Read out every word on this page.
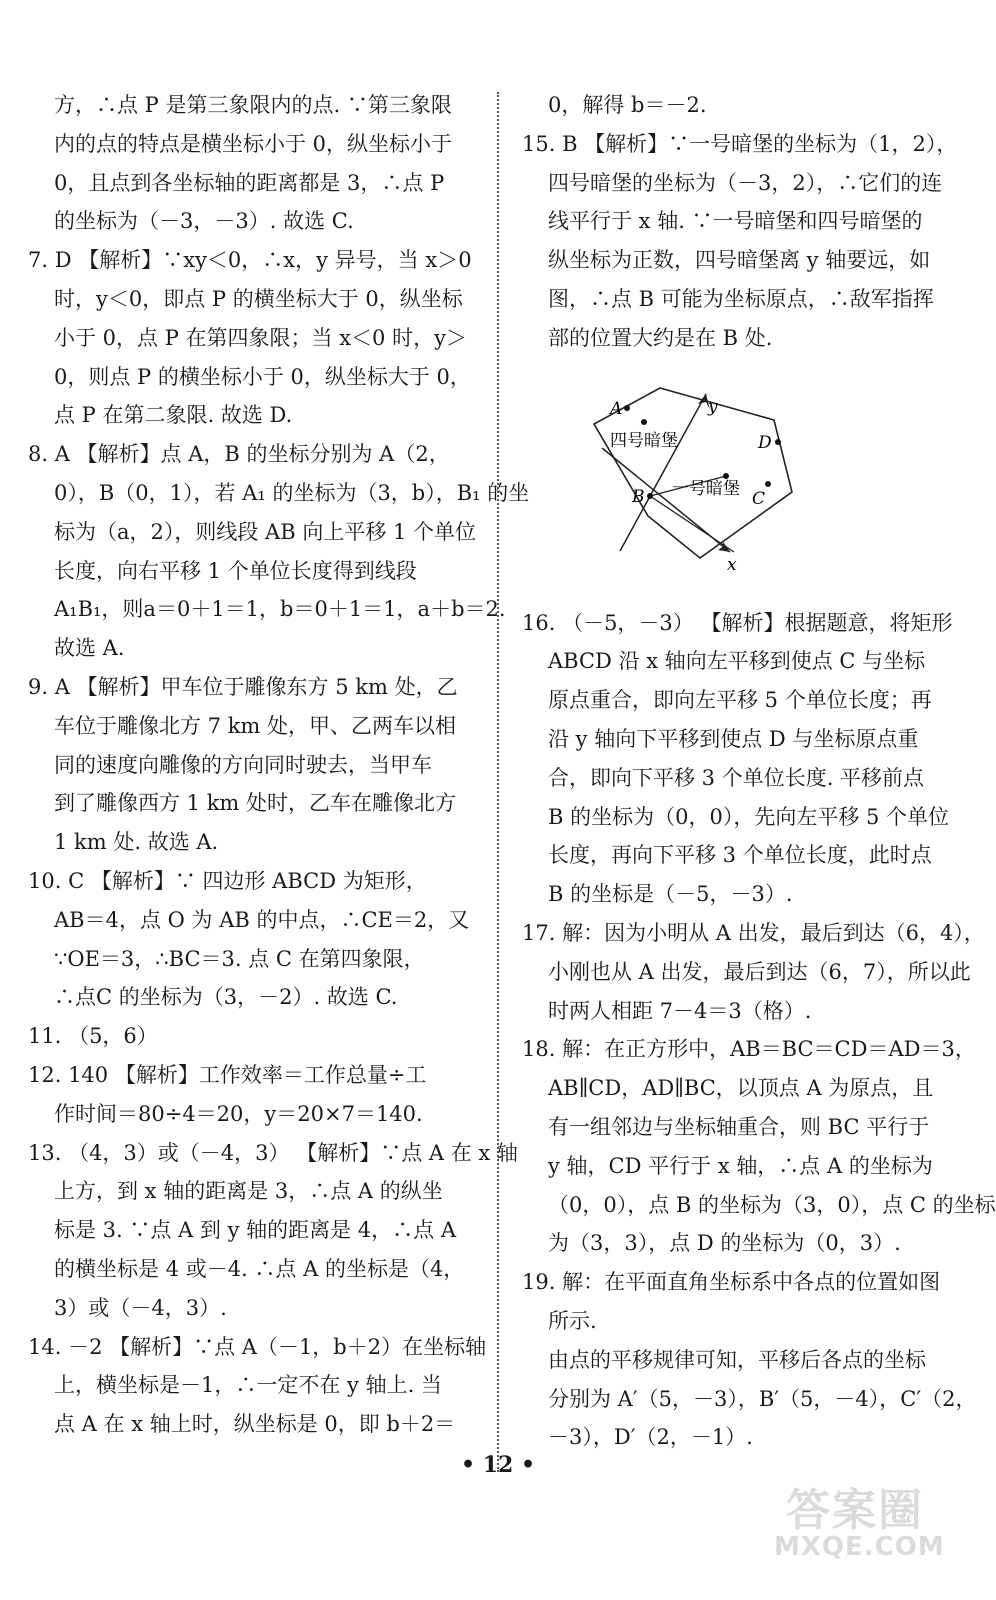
方，∴点 P 是第三象限内的点. ∵第三象限
内的点的特点是横坐标小于 0，纵坐标小于
0，且点到各坐标轴的距离都是 3，∴点 P
的坐标为（－3，－3）. 故选 C.
7. D 【解析】∵xy＜0，∴x，y 异号，当 x＞0
时，y＜0，即点 P 的横坐标大于 0，纵坐标
小于 0，点 P 在第四象限；当 x＜0 时，y＞
0，则点 P 的横坐标小于 0，纵坐标大于 0，
点 P 在第二象限. 故选 D.
8. A 【解析】点 A，B 的坐标分别为 A（2，
0），B（0，1），若 A₁ 的坐标为（3，b），B₁ 的坐
标为（a，2），则线段 AB 向上平移 1 个单位
长度，向右平移 1 个单位长度得到线段
A₁B₁，则a＝0＋1＝1，b＝0＋1＝1，a＋b＝2.
故选 A.
9. A 【解析】甲车位于雕像东方 5 km 处，乙
车位于雕像北方 7 km 处，甲、乙两车以相
同的速度向雕像的方向同时驶去，当甲车
到了雕像西方 1 km 处时，乙车在雕像北方
1 km 处. 故选 A.
10. C 【解析】∵ 四边形 ABCD 为矩形，
AB＝4，点 O 为 AB 的中点，∴CE＝2，又
∵OE＝3，∴BC＝3. 点 C 在第四象限，
∴点C 的坐标为（3，－2）. 故选 C.
11. （5，6）
12. 140 【解析】工作效率＝工作总量÷工
作时间＝80÷4＝20，y＝20×7＝140.
13. （4，3）或（－4，3） 【解析】∵点 A 在 x 轴
上方，到 x 轴的距离是 3，∴点 A 的纵坐
标是 3. ∵点 A 到 y 轴的距离是 4，∴点 A
的横坐标是 4 或－4. ∴点 A 的坐标是（4，
3）或（－4，3）.
14. －2 【解析】∵点 A（－1，b＋2）在坐标轴
上，横坐标是－1，∴一定不在 y 轴上. 当
点 A 在 x 轴上时，纵坐标是 0，即 b＋2＝
0，解得 b＝－2.
15. B 【解析】∵一号暗堡的坐标为（1，2），
四号暗堡的坐标为（－3，2），∴它们的连
线平行于 x 轴. ∵一号暗堡和四号暗堡的
纵坐标为正数，四号暗堡离 y 轴要远，如
图，∴点 B 可能为坐标原点，∴敌军指挥
部的位置大约是在 B 处.
A
四号暗堡
y
D
一号暗堡 C
B
x
16. （－5，－3） 【解析】根据题意，将矩形
ABCD 沿 x 轴向左平移到使点 C 与坐标
原点重合，即向左平移 5 个单位长度；再
沿 y 轴向下平移到使点 D 与坐标原点重
合，即向下平移 3 个单位长度. 平移前点
B 的坐标为（0，0），先向左平移 5 个单位
长度，再向下平移 3 个单位长度，此时点
B 的坐标是（－5，－3）.
17. 解：因为小明从 A 出发，最后到达（6，4），
小刚也从 A 出发，最后到达（6，7），所以此
时两人相距 7－4＝3（格）.
18. 解：在正方形中，AB＝BC＝CD＝AD＝3，
AB∥CD，AD∥BC，以顶点 A 为原点，且
有一组邻边与坐标轴重合，则 BC 平行于
y 轴，CD 平行于 x 轴，∴点 A 的坐标为
（0，0），点 B 的坐标为（3，0），点 C 的坐标
为（3，3），点 D 的坐标为（0，3）.
19. 解：在平面直角坐标系中各点的位置如图
所示.
由点的平移规律可知，平移后各点的坐标
分别为 A′（5，－3），B′（5，－4），C′（2，
－3），D′（2，－1）.
• 12 •
答案圈
MXQE.COM
